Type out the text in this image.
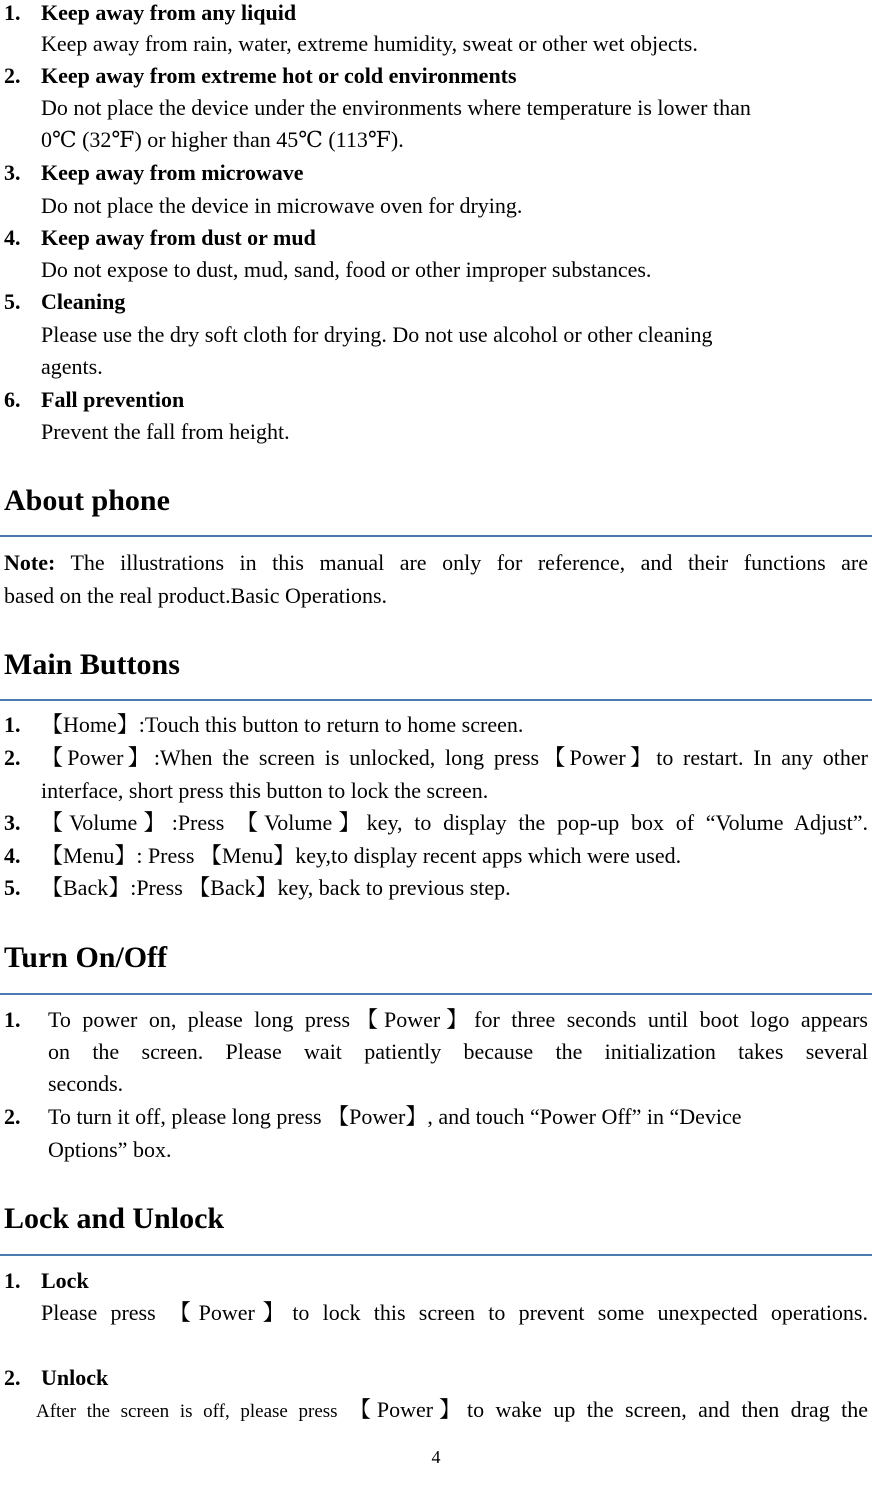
1. Keep away from any liquid
Keep away from rain, water, extreme humidity, sweat or other wet objects.
2. Keep away from extreme hot or cold environments
Do not place the device under the environments where temperature is lower than
0℃ (32℉) or higher than 45℃ (113℉).
3. Keep away from microwave
Do not place the device in microwave oven for drying.
4. Keep away from dust or mud
Do not expose to dust, mud, sand, food or other improper substances.
5. Cleaning
Please use the dry soft cloth for drying. Do not use alcohol or other cleaning
agents.
6. Fall prevention
Prevent the fall from height.
About phone
Note: The illustrations in this manual are only for reference, and their functions are
based on the real product.Basic Operations.
Main Buttons
1. 【Home】:Touch this button to return to home screen.
2. 【Power】:When the screen is unlocked, long press【Power】to restart. In any other
interface, short press this button to lock the screen.
3. 【Volume】:Press 【Volume】key, to display the pop-up box of “Volume Adjust”.
4. 【Menu】: Press 【Menu】key,to display recent apps which were used.
5. 【Back】:Press 【Back】key, back to previous step.
Turn On/Off
1. To power on, please long press【Power】for three seconds until boot logo appears
on the screen. Please wait patiently because the initialization takes several
seconds.
2. To turn it off, please long press 【Power】, and touch “Power Off” in “Device
Options” box.
Lock and Unlock
1. Lock
Please press 【Power】to lock this screen to prevent some unexpected operations.
2. Unlock
After the screen is off, please press 【Power】to wake up the screen, and then drag the
4
